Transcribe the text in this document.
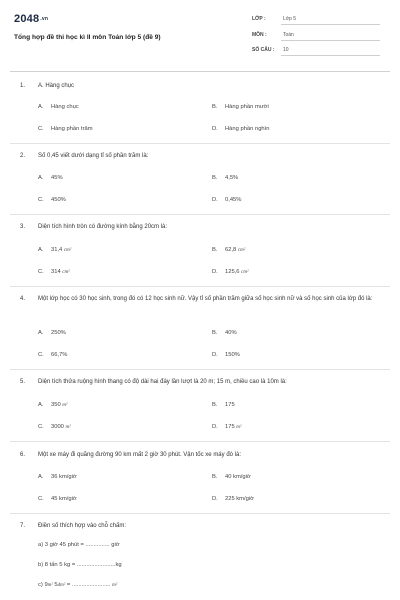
2048.vn
Tổng hợp đề thi học kì II môn Toán lớp 5 (đề 9)
LỚP :	Lớp 5
MÔN :	Toán
SỐ CÂU : 10
1.	A. Hàng chục
A. Hàng chục	B. Hàng phần mười
C. Hàng phần trăm	D. Hàng phần nghìn
2.	Số 0,45 viết dưới dạng tỉ số phần trăm là:
A. 45%	B. 4,5%
C. 450%	D. 0,45%
3.	Diện tích hình tròn có đường kính bằng 20cm là:
A. 31,4 cm²	B. 62,8 cm²
C. 314 cm²	D. 125,6 cm²
4.	Một lớp học có 30 học sinh, trong đó có 12 học sinh nữ. Vậy tỉ số phần trăm giữa số học sinh nữ và số học sinh của lớp đó là:
A. 250%	B. 40%
C. 66,7%	D. 150%
5.	Diện tích thửa ruộng hình thang có độ dài hai đáy lần lượt là 20 m; 15 m, chiều cao là 10m là:
A. 350 m²	B. 175
C. 3000 m²	D. 175 m²
6.	Một xe máy đi quãng đường 90 km mất 2 giờ 30 phút. Vận tốc xe máy đó là:
A. 36 km/giờ	B. 40 km/giờ
C. 45 km/giờ	D. 225 km/giờ
7.	Điền số thích hợp vào chỗ chấm:
a) 3 giờ 45 phút = ............... giờ
b) 8 tấn 5 kg = ........................kg
c) 9m² 5dm² = ........................ m²
